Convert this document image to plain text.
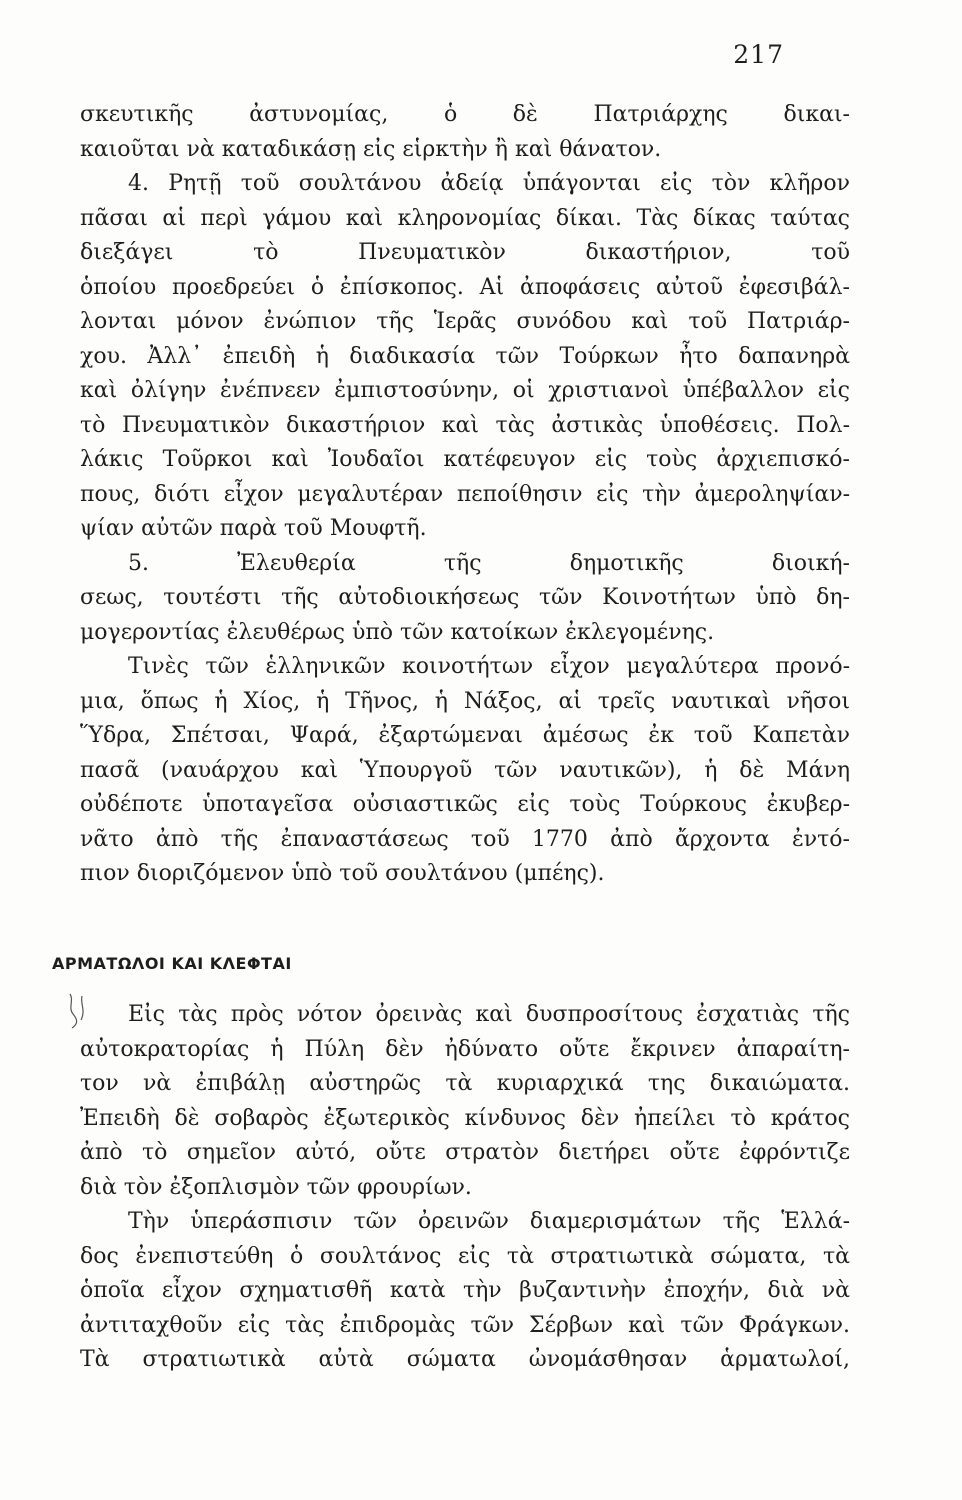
217
σκευτικῆς ἀστυνομίας, ὁ δὲ Πατριάρχης δικαι-
καιοῦται νὰ καταδικάσῃ εἰς εἱρκτὴν ἢ καὶ θάνατον.
4. Ρητῇ τοῦ σουλτάνου ἀδείᾳ ὑπάγονται εἰς τὸν κλῆρον
πᾶσαι αἱ περὶ γάμου καὶ κληρονομίας δίκαι. Τὰς δίκας ταύτας
διεξάγει τὸ Πνευματικὸν δικαστήριον, τοῦ
ὁποίου προεδρεύει ὁ ἐπίσκοπος. Αἱ ἀποφάσεις αὐτοῦ ἐφεσιβάλ-
λονται μόνον ἐνώπιον τῆς Ἱερᾶς συνόδου καὶ τοῦ Πατριάρ-
χου. Ἀλλ᾽ ἐπειδὴ ἡ διαδικασία τῶν Τούρκων ἦτο δαπανηρὰ
καὶ ὀλίγην ἐνέπνεεν ἐμπιστοσύνην, οἱ χριστιανοὶ ὑπέβαλλον εἰς
τὸ Πνευματικὸν δικαστήριον καὶ τὰς ἀστικὰς ὑποθέσεις. Πολ-
λάκις Τοῦρκοι καὶ Ἰουδαῖοι κατέφευγον εἰς τοὺς ἀρχιεπισκό-
πους, διότι εἶχον μεγαλυτέραν πεποίθησιν εἰς τὴν ἀμεροληψίαν-
ψίαν αὐτῶν παρὰ τοῦ Μουφτῆ.
5. Ἐλευθερία τῆς δημοτικῆς διοική-
σεως, τουτέστι τῆς αὐτοδιοικήσεως τῶν Κοινοτήτων ὑπὸ δη-
μογεροντίας ἐλευθέρως ὑπὸ τῶν κατοίκων ἐκλεγομένης.
Τινὲς τῶν ἑλληνικῶν κοινοτήτων εἶχον μεγαλύτερα προνό-
μια, ὅπως ἡ Χίος, ἡ Τῆνος, ἡ Νάξος, αἱ τρεῖς ναυτικαὶ νῆσοι
Ὕδρα, Σπέτσαι, Ψαρά, ἐξαρτώμεναι ἀμέσως ἐκ τοῦ Καπετὰν
πασᾶ (ναυάρχου καὶ Ὑπουργοῦ τῶν ναυτικῶν), ἡ δὲ Μάνη
οὐδέποτε ὑποταγεῖσα οὐσιαστικῶς εἰς τοὺς Τούρκους ἐκυβερ-
νᾶτο ἀπὸ τῆς ἐπαναστάσεως τοῦ 1770 ἀπὸ ἄρχοντα ἐντό-
πιον διοριζόμενον ὑπὸ τοῦ σουλτάνου (μπέης).
ΑΡΜΑΤΩΛΟΙ ΚΑΙ ΚΛΕΦΤΑΙ
Εἰς τὰς πρὸς νότον ὀρεινὰς καὶ δυσπροσίτους ἐσχατιὰς τῆς
αὐτοκρατορίας ἡ Πύλη δὲν ἠδύνατο οὔτε ἔκρινεν ἀπαραίτη-
τον νὰ ἐπιβάλῃ αὐστηρῶς τὰ κυριαρχικά της δικαιώματα.
Ἐπειδὴ δὲ σοβαρὸς ἐξωτερικὸς κίνδυνος δὲν ἠπείλει τὸ κράτος
ἀπὸ τὸ σημεῖον αὐτό, οὔτε στρατὸν διετήρει οὔτε ἐφρόντιζε
διὰ τὸν ἐξοπλισμὸν τῶν φρουρίων.
Τὴν ὑπεράσπισιν τῶν ὀρεινῶν διαμερισμάτων τῆς Ἑλλά-
δος ἐνεπιστεύθη ὁ σουλτάνος εἰς τὰ στρατιωτικὰ σώματα, τὰ
ὁποῖα εἶχον σχηματισθῆ κατὰ τὴν βυζαντινὴν ἐποχήν, διὰ νὰ
ἀντιταχθοῦν εἰς τὰς ἐπιδρομὰς τῶν Σέρβων καὶ τῶν Φράγκων.
Τὰ στρατιωτικὰ αὐτὰ σώματα ὠνομάσθησαν ἁρματωλοί,
